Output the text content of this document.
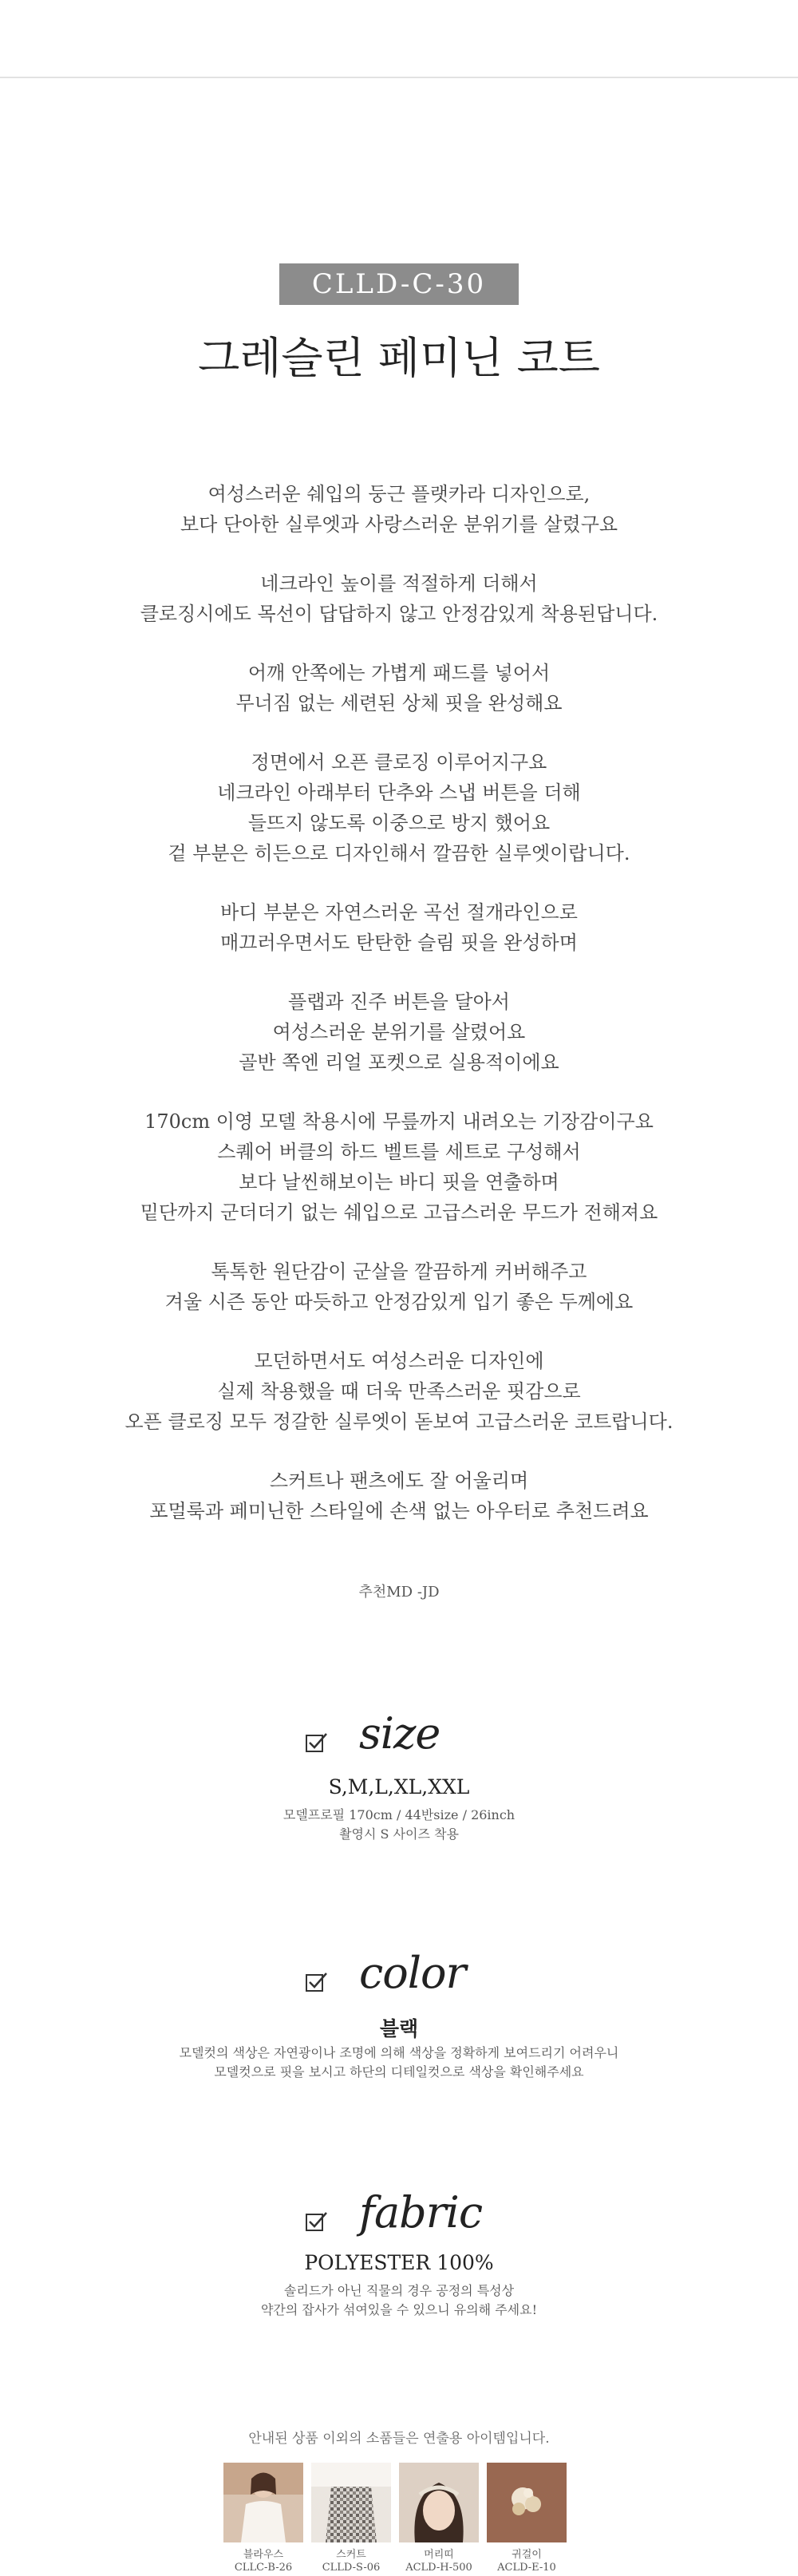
CLLD-C-30
그레슬린 페미닌 코트
여성스러운 쉐입의 둥근 플랫카라 디자인으로,
보다 단아한 실루엣과 사랑스러운 분위기를 살렸구요
네크라인 높이를 적절하게 더해서
클로징시에도 목선이 답답하지 않고 안정감있게 착용된답니다.
어깨 안쪽에는 가볍게 패드를 넣어서
무너짐 없는 세련된 상체 핏을 완성해요
정면에서 오픈 클로징 이루어지구요
네크라인 아래부터 단추와 스냅 버튼을 더해
들뜨지 않도록 이중으로 방지 했어요
겉 부분은 히든으로 디자인해서 깔끔한 실루엣이랍니다.
바디 부분은 자연스러운 곡선 절개라인으로
매끄러우면서도 탄탄한 슬림 핏을 완성하며
플랩과 진주 버튼을 달아서
여성스러운 분위기를 살렸어요
골반 쪽엔 리얼 포켓으로 실용적이에요
170cm 이영 모델 착용시에 무릎까지 내려오는 기장감이구요
스퀘어 버클의 하드 벨트를 세트로 구성해서
보다 날씬해보이는 바디 핏을 연출하며
밑단까지 군더더기 없는 쉐입으로 고급스러운 무드가 전해져요
톡톡한 원단감이 군살을 깔끔하게 커버해주고
겨울 시즌 동안 따듯하고 안정감있게 입기 좋은 두께에요
모던하면서도 여성스러운 디자인에
실제 착용했을 때 더욱 만족스러운 핏감으로
오픈 클로징 모두 정갈한 실루엣이 돋보여 고급스러운 코트랍니다.
스커트나 팬츠에도 잘 어울리며
포멀룩과 페미닌한 스타일에 손색 없는 아우터로 추천드려요
추천MD -JD
size
S,M,L,XL,XXL
모델프로필 170cm / 44반size / 26inch
촬영시 S 사이즈 착용
color
블랙
모델컷의 색상은 자연광이나 조명에 의해 색상을 정확하게 보여드리기 어려우니
모델컷으로 핏을 보시고 하단의 디테일컷으로 색상을 확인해주세요
fabric
POLYESTER 100%
솔리드가 아닌 직물의 경우 공정의 특성상
약간의 잡사가 섞여있을 수 있으니 유의해 주세요!
안내된 상품 이외의 소품들은 연출용 아이템입니다.
블라우스
CLLC-B-26
스커트
CLLD-S-06
머리띠
ACLD-H-500
귀걸이
ACLD-E-10
